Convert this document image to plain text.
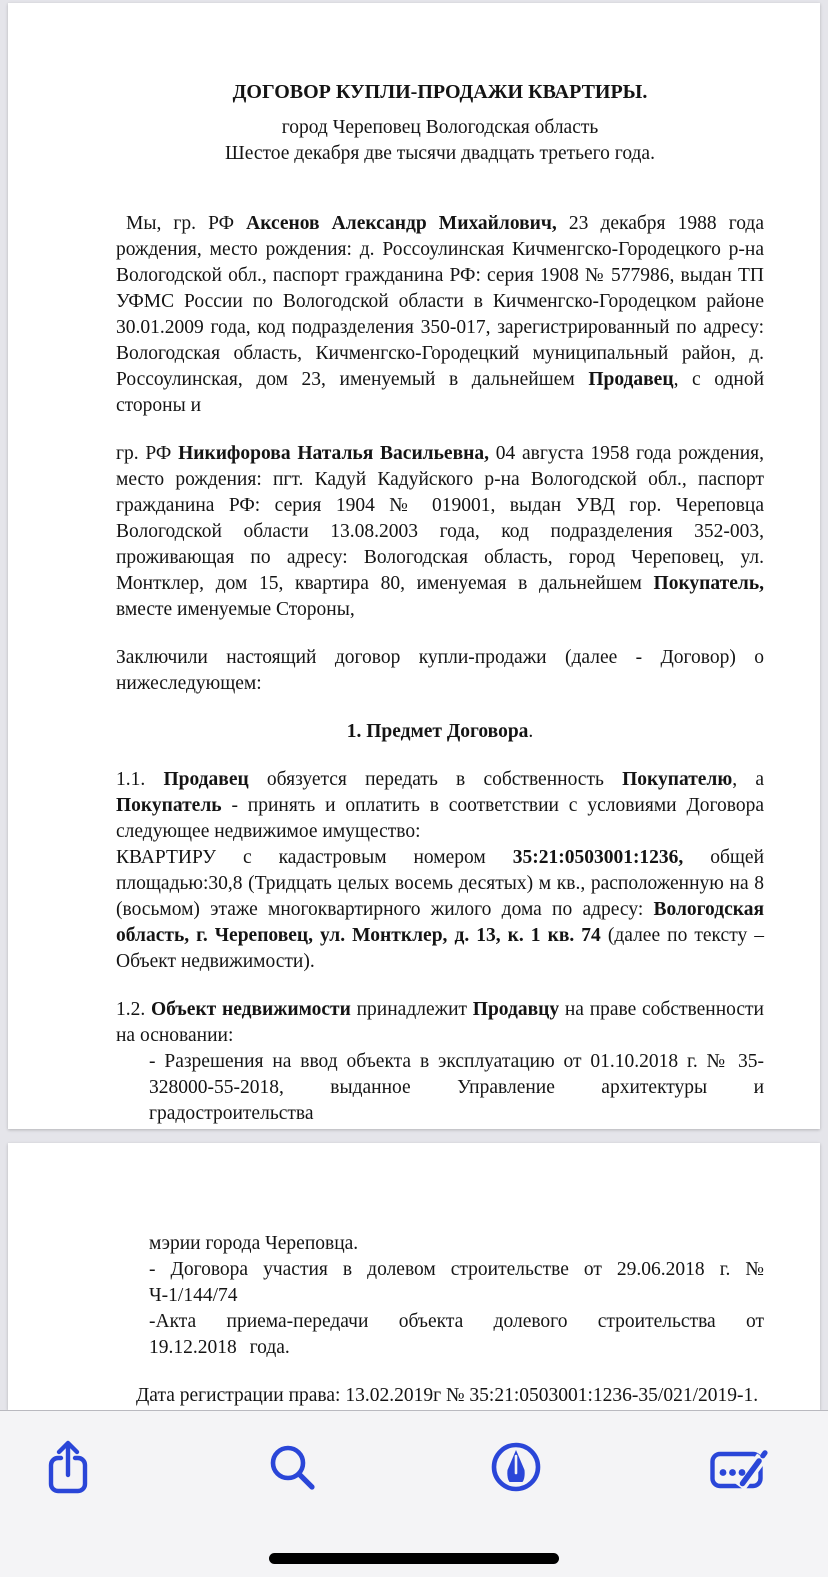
ДОГОВОР КУПЛИ-ПРОДАЖИ КВАРТИРЫ.

город Череповец Вологодская область

Шестое декабря две тысячи двадцать третьего года.

Мы, гр. РФ Аксенов Александр Михайлович, 23 декабря 1988 года рождения, место рождения: д. Россоулинская Кичменгско-Городецкого р-на Вологодской обл., паспорт гражданина РФ: серия 1908 № 577986, выдан ТП УФМС России по Вологодской области в Кичменгско-Городецком районе 30.01.2009 года, код подразделения 350-017, зарегистрированный по адресу: Вологодская область, Кичменгско-Городецкий муниципальный район, д. Россоулинская, дом 23, именуемый в дальнейшем Продавец, с одной стороны и

гр. РФ Никифорова Наталья Васильевна, 04 августа 1958 года рождения, место рождения: пгт. Кадуй Кадуйского р-на Вологодской обл., паспорт гражданина РФ: серия 1904 № 019001, выдан УВД гор. Череповца Вологодской области 13.08.2003 года, код подразделения 352-003, проживающая по адресу: Вологодская область, город Череповец, ул. Монтклер, дом 15, квартира 80, именуемая в дальнейшем Покупатель, вместе именуемые Стороны,

Заключили настоящий договор купли-продажи (далее - Договор) о нижеследующем:

1. Предмет Договора.

1.1. Продавец обязуется передать в собственность Покупателю, а Покупатель - принять и оплатить в соответствии с условиями Договора следующее недвижимое имущество:

КВАРТИРУ с кадастровым номером 35:21:0503001:1236, общей площадью:30,8 (Тридцать целых восемь десятых) м кв., расположенную на 8 (восьмом) этаже многоквартирного жилого дома по адресу: Вологодская область, г. Череповец, ул. Монтклер, д. 13, к. 1 кв. 74 (далее по тексту – Объект недвижимости).

1.2. Объект недвижимости принадлежит Продавцу на праве собственности на основании:

- Разрешения на ввод объекта в эксплуатацию от 01.10.2018 г. № 35-328000-55-2018, выданное Управление архитектуры и градостроительства

мэрии города Череповца.

- Договора участия в долевом строительстве от 29.06.2018 г. № Ч-1/144/74

-Акта приема-передачи объекта долевого строительства от 19.12.2018 года.

Дата регистрации права: 13.02.2019г № 35:21:0503001:1236-35/021/2019-1.
